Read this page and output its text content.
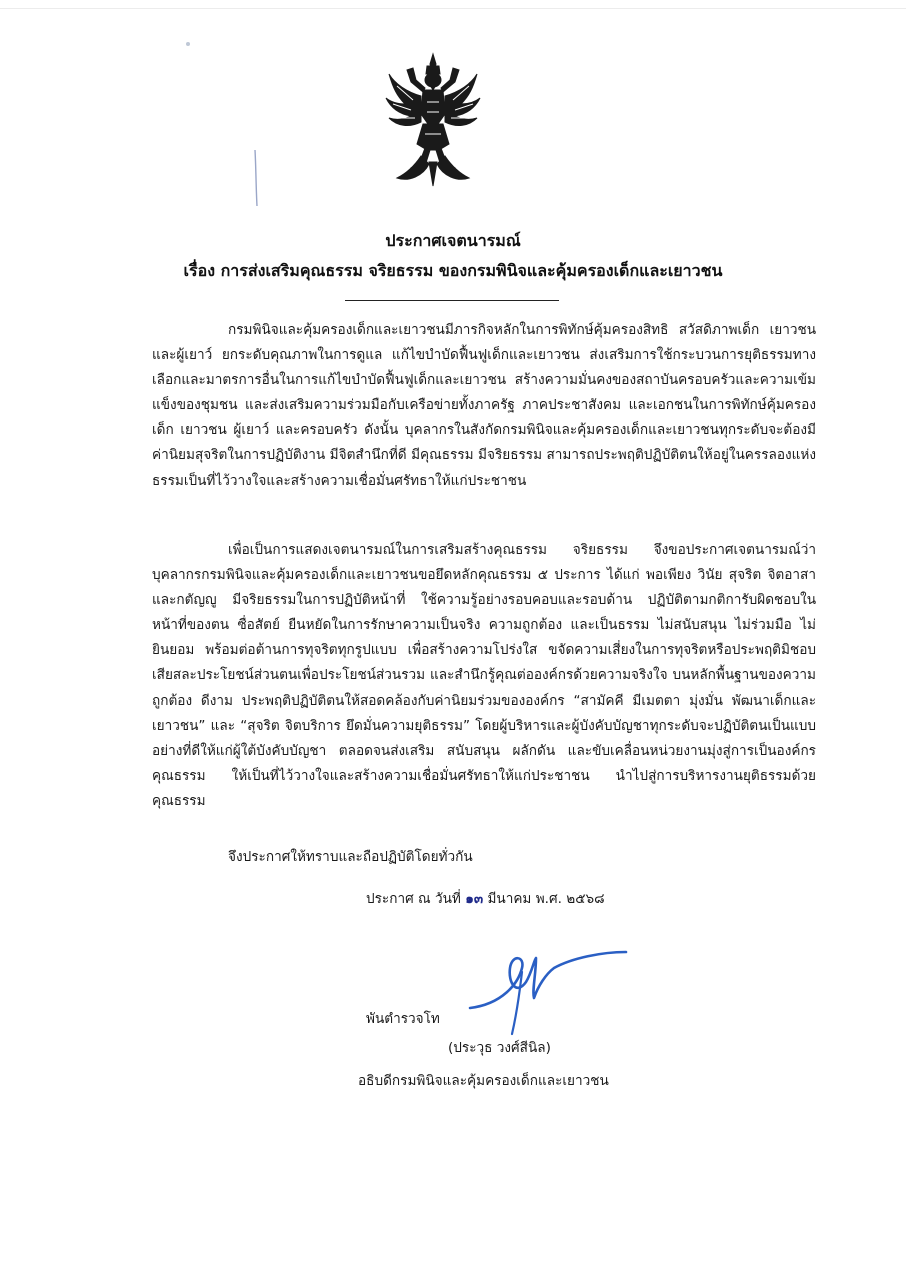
ประกาศเจตนารมณ์
เรื่อง การส่งเสริมคุณธรรม จริยธรรม ของกรมพินิจและคุ้มครองเด็กและเยาวชน

กรมพินิจและคุ้มครองเด็กและเยาวชนมีภารกิจหลักในการพิทักษ์คุ้มครองสิทธิ สวัสดิภาพเด็ก เยาวชน และผู้เยาว์ ยกระดับคุณภาพในการดูแล แก้ไขบำบัดฟื้นฟูเด็กและเยาวชน ส่งเสริมการใช้กระบวนการยุติธรรมทางเลือกและมาตรการอื่นในการแก้ไขบำบัดฟื้นฟูเด็กและเยาวชน สร้างความมั่นคงของสถาบันครอบครัวและความเข้มแข็งของชุมชน และส่งเสริมความร่วมมือกับเครือข่ายทั้งภาครัฐ ภาคประชาสังคม และเอกชนในการพิทักษ์คุ้มครองเด็ก เยาวชน ผู้เยาว์ และครอบครัว ดังนั้น บุคลากรในสังกัดกรมพินิจและคุ้มครองเด็กและเยาวชนทุกระดับจะต้องมีค่านิยมสุจริตในการปฏิบัติงาน มีจิตสำนึกที่ดี มีคุณธรรม มีจริยธรรม สามารถประพฤติปฏิบัติตนให้อยู่ในครรลองแห่งธรรมเป็นที่ไว้วางใจและสร้างความเชื่อมั่นศรัทธาให้แก่ประชาชน

เพื่อเป็นการแสดงเจตนารมณ์ในการเสริมสร้างคุณธรรม จริยธรรม จึงขอประกาศเจตนารมณ์ว่า บุคลากรกรมพินิจและคุ้มครองเด็กและเยาวชนขอยึดหลักคุณธรรม ๕ ประการ ได้แก่ พอเพียง วินัย สุจริต จิตอาสา และกตัญญู มีจริยธรรมในการปฏิบัติหน้าที่ ใช้ความรู้อย่างรอบคอบและรอบด้าน ปฏิบัติตามกติการับผิดชอบในหน้าที่ของตน ซื่อสัตย์ ยืนหยัดในการรักษาความเป็นจริง ความถูกต้อง และเป็นธรรม ไม่สนับสนุน ไม่ร่วมมือ ไม่ยินยอม พร้อมต่อต้านการทุจริตทุกรูปแบบ เพื่อสร้างความโปร่งใส ขจัดความเสี่ยงในการทุจริตหรือประพฤติมิชอบ เสียสละประโยชน์ส่วนตนเพื่อประโยชน์ส่วนรวม และสำนึกรู้คุณต่อองค์กรด้วยความจริงใจ บนหลักพื้นฐานของความถูกต้อง ดีงาม ประพฤติปฏิบัติตนให้สอดคล้องกับค่านิยมร่วมขององค์กร “สามัคคี มีเมตตา มุ่งมั่น พัฒนาเด็กและเยาวชน” และ “สุจริต จิตบริการ ยึดมั่นความยุติธรรม” โดยผู้บริหารและผู้บังคับบัญชาทุกระดับจะปฏิบัติตนเป็นแบบอย่างที่ดีให้แก่ผู้ใต้บังคับบัญชา ตลอดจนส่งเสริม สนับสนุน ผลักดัน และขับเคลื่อนหน่วยงานมุ่งสู่การเป็นองค์กรคุณธรรม ให้เป็นที่ไว้วางใจและสร้างความเชื่อมั่นศรัทธาให้แก่ประชาชน นำไปสู่การบริหารงานยุติธรรมด้วยคุณธรรม

จึงประกาศให้ทราบและถือปฏิบัติโดยทั่วกัน
ประกาศ ณ วันที่ ๑๓ มีนาคม พ.ศ. ๒๕๖๘
พันตำรวจโท
(ประวุธ วงศ์สีนิล)
อธิบดีกรมพินิจและคุ้มครองเด็กและเยาวชน
